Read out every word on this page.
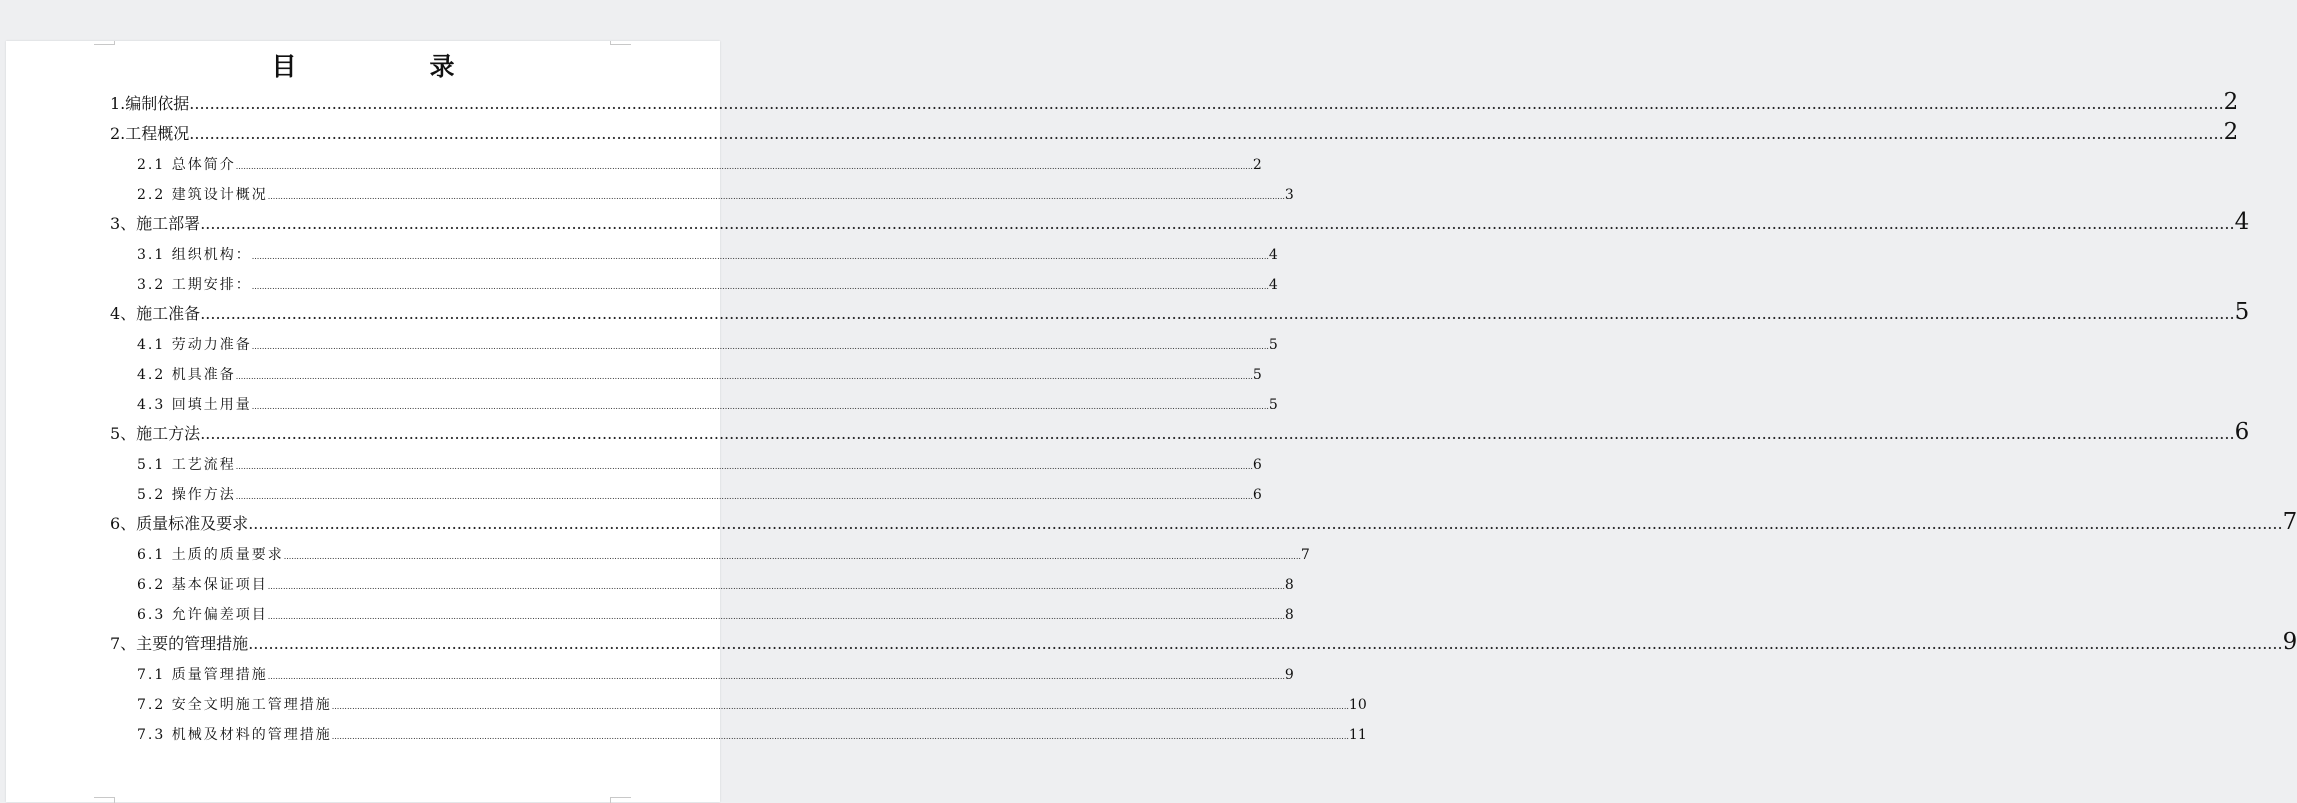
目　录
1.编制依据 ................................................................................................................................................................................................................................................................................................................................................................................................................ 2
2.工程概况 ................................................................................................................................................................................................................................................................................................................................................................................................................ 2
2.1 总体简介 ................................................................................................................................................................................................................................................................................................................................................................................................................ 2
2.2 建筑设计概况 ................................................................................................................................................................................................................................................................................................................................................................................................................ 3
3、施工部署 ................................................................................................................................................................................................................................................................................................................................................................................................................ 4
3.1 组织机构： ................................................................................................................................................................................................................................................................................................................................................................................................................ 4
3.2 工期安排： ................................................................................................................................................................................................................................................................................................................................................................................................................ 4
4、施工准备 ................................................................................................................................................................................................................................................................................................................................................................................................................ 5
4.1 劳动力准备 ................................................................................................................................................................................................................................................................................................................................................................................................................ 5
4.2 机具准备 ................................................................................................................................................................................................................................................................................................................................................................................................................ 5
4.3 回填土用量 ................................................................................................................................................................................................................................................................................................................................................................................................................ 5
5、施工方法 ................................................................................................................................................................................................................................................................................................................................................................................................................ 6
5.1 工艺流程 ................................................................................................................................................................................................................................................................................................................................................................................................................ 6
5.2 操作方法 ................................................................................................................................................................................................................................................................................................................................................................................................................ 6
6、质量标准及要求 ................................................................................................................................................................................................................................................................................................................................................................................................................ 7
6.1 土质的质量要求 ................................................................................................................................................................................................................................................................................................................................................................................................................ 7
6.2 基本保证项目 ................................................................................................................................................................................................................................................................................................................................................................................................................ 8
6.3 允许偏差项目 ................................................................................................................................................................................................................................................................................................................................................................................................................ 8
7、主要的管理措施 ................................................................................................................................................................................................................................................................................................................................................................................................................ 9
7.1 质量管理措施 ................................................................................................................................................................................................................................................................................................................................................................................................................ 9
7.2 安全文明施工管理措施 ................................................................................................................................................................................................................................................................................................................................................................................................................ 10
7.3 机械及材料的管理措施 ................................................................................................................................................................................................................................................................................................................................................................................................................ 11
